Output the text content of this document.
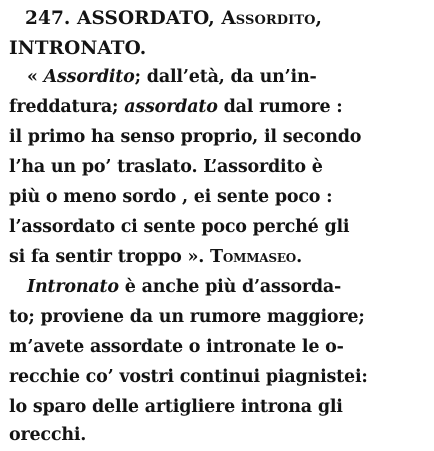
247. ASSORDATO, Assordito,
INTRONATO.
« Assordito; dall’età, da un’in-
freddatura; assordato dal rumore :
il primo ha senso proprio, il secondo
l’ha un po’ traslato. L’assordito è
più o meno sordo , ei sente poco :
l’assordato ci sente poco perché gli
si fa sentir troppo ». Tommaseo.
Intronato è anche più d’assorda-
to; proviene da un rumore maggiore;
m’avete assordate o intronate le o-
recchie co’ vostri continui piagnistei:
lo sparo delle artigliere introna gli
orecchi.
